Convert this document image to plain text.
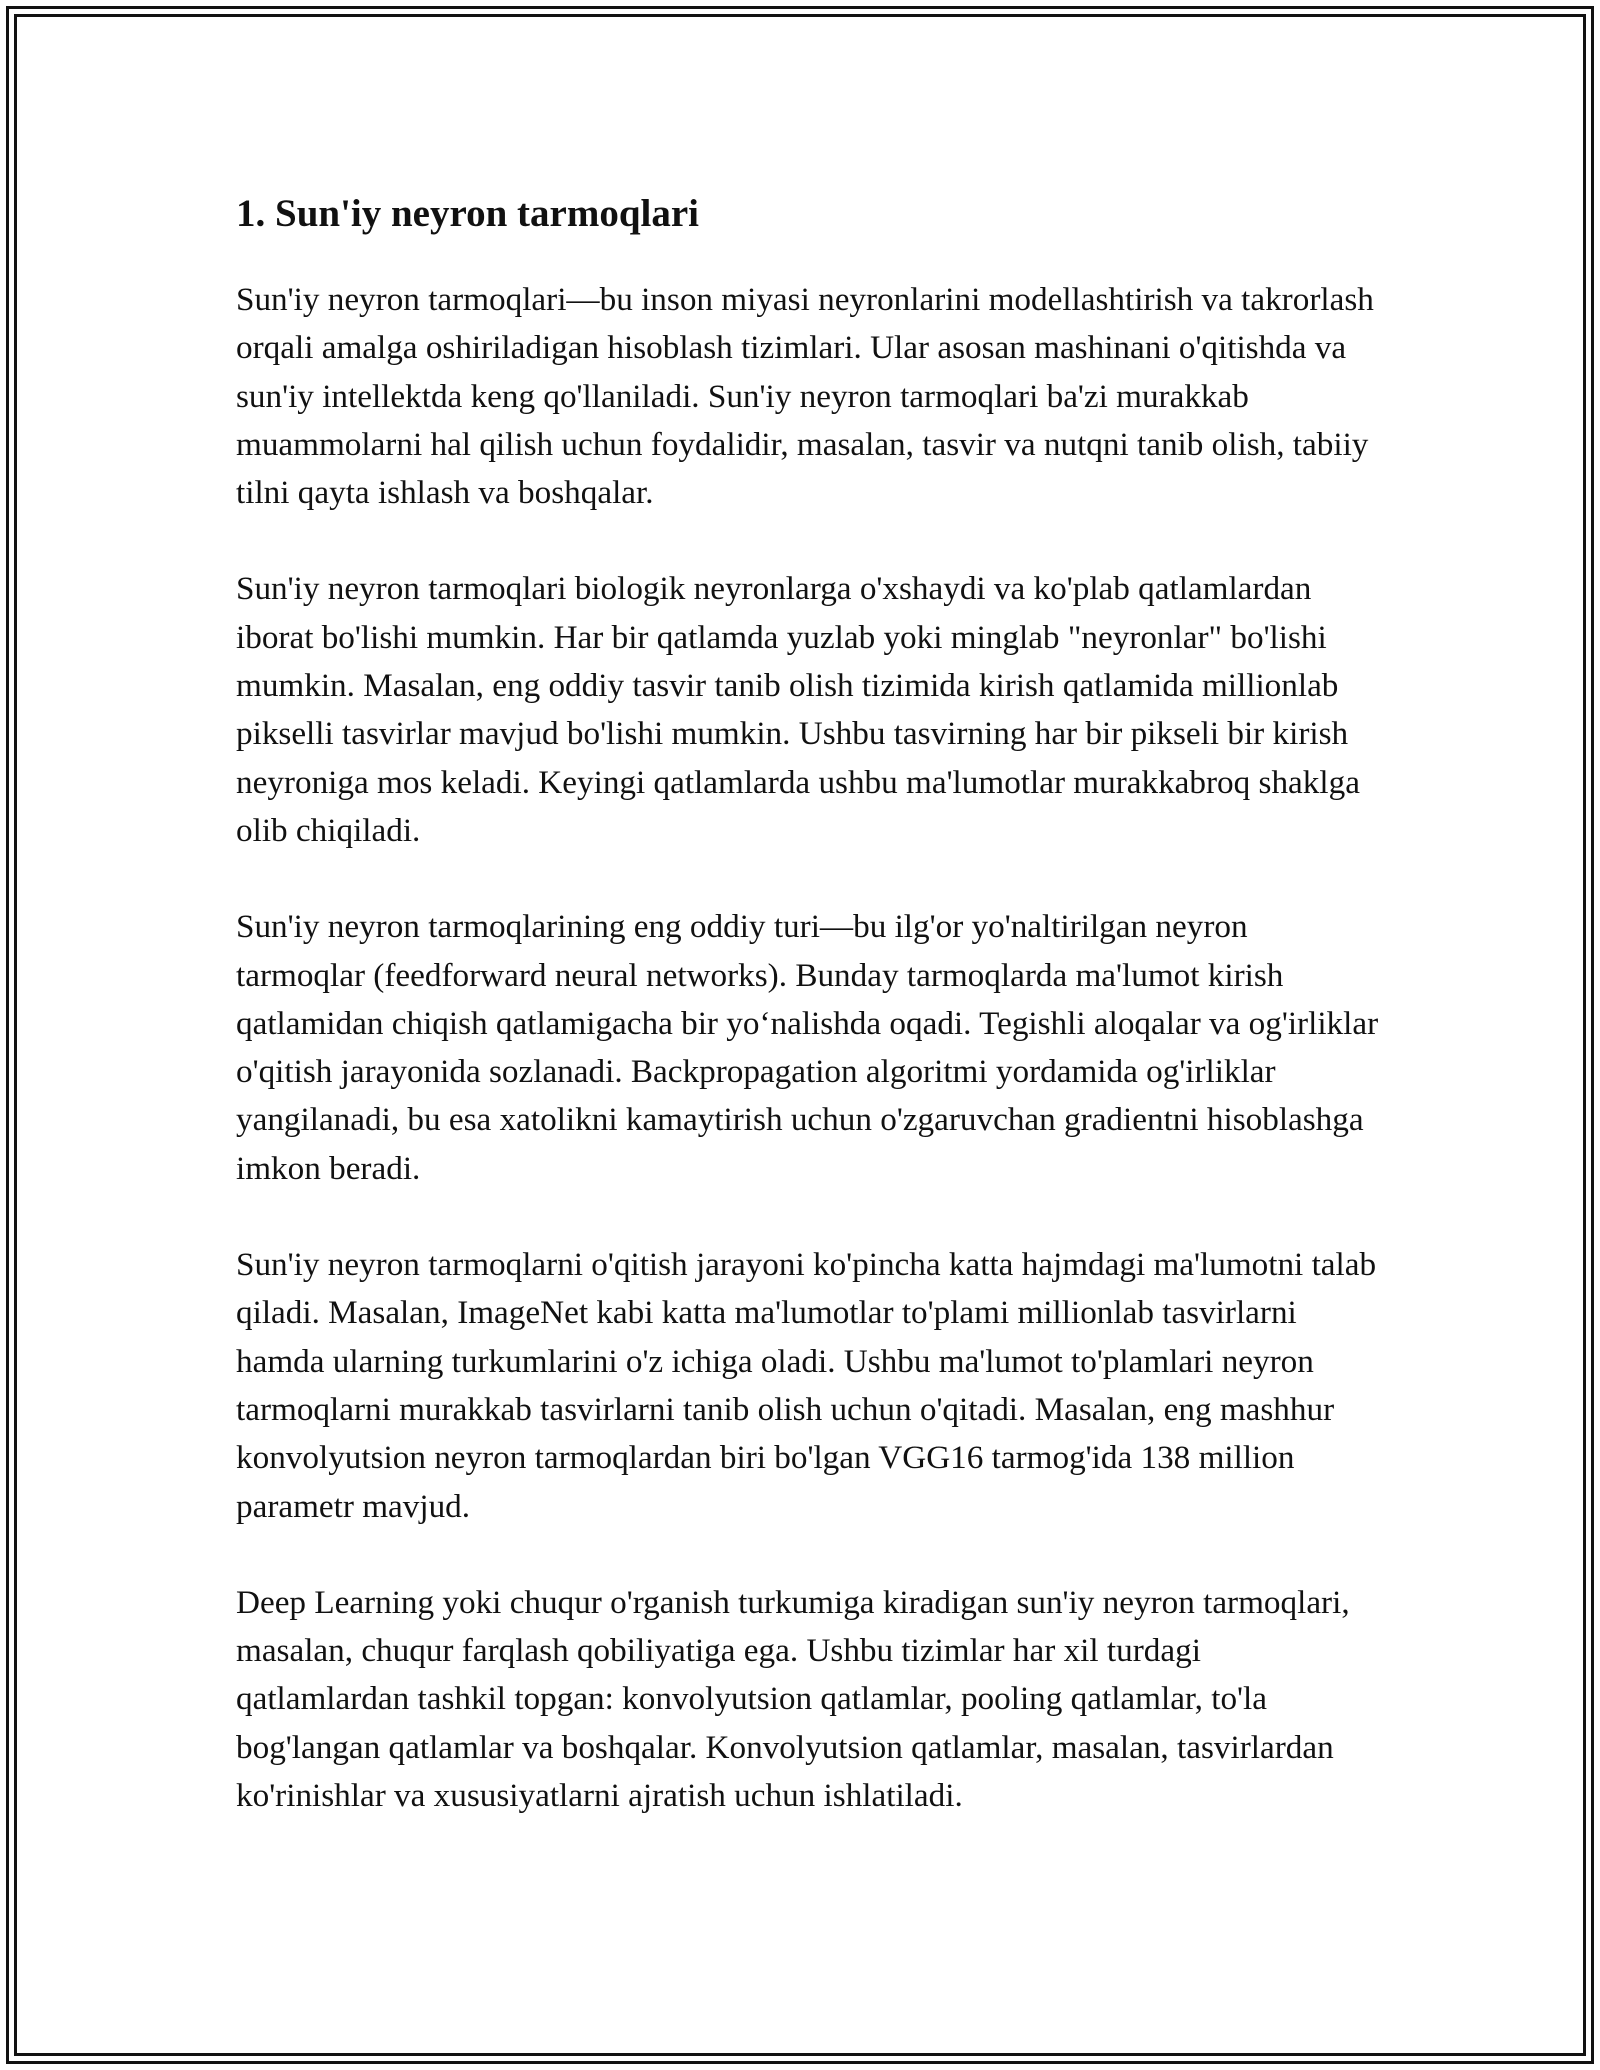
1. Sun'iy neyron tarmoqlari

Sun'iy neyron tarmoqlari—bu inson miyasi neyronlarini modellashtirish va takrorlash orqali amalga oshiriladigan hisoblash tizimlari. Ular asosan mashinani o'qitishda va sun'iy intellektda keng qo'llaniladi. Sun'iy neyron tarmoqlari ba'zi murakkab muammolarni hal qilish uchun foydalidir, masalan, tasvir va nutqni tanib olish, tabiiy tilni qayta ishlash va boshqalar.

Sun'iy neyron tarmoqlari biologik neyronlarga o'xshaydi va ko'plab qatlamlardan iborat bo'lishi mumkin. Har bir qatlamda yuzlab yoki minglab "neyronlar" bo'lishi mumkin. Masalan, eng oddiy tasvir tanib olish tizimida kirish qatlamida millionlab pikselli tasvirlar mavjud bo'lishi mumkin. Ushbu tasvirning har bir pikseli bir kirish neyroniga mos keladi. Keyingi qatlamlarda ushbu ma'lumotlar murakkabroq shaklga olib chiqiladi.

Sun'iy neyron tarmoqlarining eng oddiy turi—bu ilg'or yo'naltirilgan neyron tarmoqlar (feedforward neural networks). Bunday tarmoqlarda ma'lumot kirish qatlamidan chiqish qatlamigacha bir yo‘nalishda oqadi. Tegishli aloqalar va og'irliklar o'qitish jarayonida sozlanadi. Backpropagation algoritmi yordamida og'irliklar yangilanadi, bu esa xatolikni kamaytirish uchun o'zgaruvchan gradientni hisoblashga imkon beradi.

Sun'iy neyron tarmoqlarni o'qitish jarayoni ko'pincha katta hajmdagi ma'lumotni talab qiladi. Masalan, ImageNet kabi katta ma'lumotlar to'plami millionlab tasvirlarni hamda ularning turkumlarini o'z ichiga oladi. Ushbu ma'lumot to'plamlari neyron tarmoqlarni murakkab tasvirlarni tanib olish uchun o'qitadi. Masalan, eng mashhur konvolyutsion neyron tarmoqlardan biri bo'lgan VGG16 tarmog'ida 138 million parametr mavjud.

Deep Learning yoki chuqur o'rganish turkumiga kiradigan sun'iy neyron tarmoqlari, masalan, chuqur farqlash qobiliyatiga ega. Ushbu tizimlar har xil turdagi qatlamlardan tashkil topgan: konvolyutsion qatlamlar, pooling qatlamlar, to'la bog'langan qatlamlar va boshqalar. Konvolyutsion qatlamlar, masalan, tasvirlardan ko'rinishlar va xususiyatlarni ajratish uchun ishlatiladi.
